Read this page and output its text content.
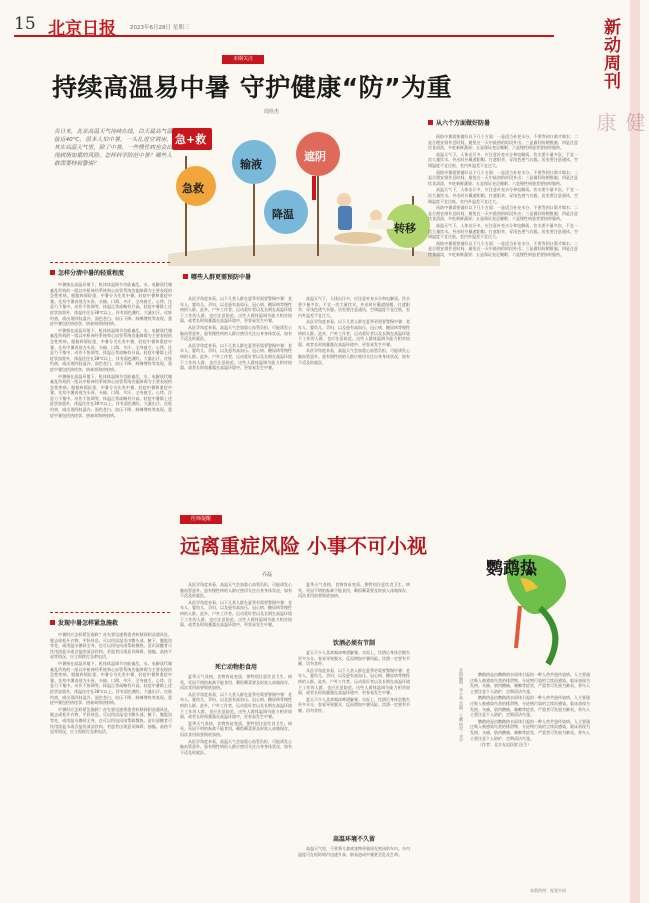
15 北京日报	2023年6月28日 星期三	新动周刊
健康
本期关注
持续高温易中暑 守护健康“防”为重
周佳杰
炎日来，北京高温天气持续在线，白天最高气温接近40℃。很多人怕中暑，一头扎进空调房，其实高温天气里，除了中暑，一些慢性病也会出现病情加重的风险。怎样科学防范中暑？哪些人群需要特别警惕？
急+救
急救
输液
遮阴
降温
转移
怎样分清中暑的轻重程度

中暑指在高温环境下，机体体温调节功能紊乱，水、电解质代谢紊乱所致的一组以中枢神经系统和心血管系统功能障碍为主要表现的急性疾病。根据病情轻重，中暑分为先兆中暑、轻症中暑和重症中暑。先兆中暑表现为头昏、头痛、口渴、多汗、全身疲乏、心悸、注意力不集中、动作不协调等，体温正常或略有升高。轻症中暑除上述症状加重外，体温往往在38℃以上，伴有面色潮红、大量出汗、皮肤灼热，或出现四肢湿冷、面色苍白、血压下降、脉搏增快等表现。重症中暑包括热痉挛、热衰竭和热射病。

中暑指在高温环境下，机体体温调节功能紊乱，水、电解质代谢紊乱所致的一组以中枢神经系统和心血管系统功能障碍为主要表现的急性疾病。根据病情轻重，中暑分为先兆中暑、轻症中暑和重症中暑。先兆中暑表现为头昏、头痛、口渴、多汗、全身疲乏、心悸、注意力不集中、动作不协调等，体温正常或略有升高。轻症中暑除上述症状加重外，体温往往在38℃以上，伴有面色潮红、大量出汗、皮肤灼热，或出现四肢湿冷、面色苍白、血压下降、脉搏增快等表现。重症中暑包括热痉挛、热衰竭和热射病。

中暑指在高温环境下，机体体温调节功能紊乱，水、电解质代谢紊乱所致的一组以中枢神经系统和心血管系统功能障碍为主要表现的急性疾病。根据病情轻重，中暑分为先兆中暑、轻症中暑和重症中暑。先兆中暑表现为头昏、头痛、口渴、多汗、全身疲乏、心悸、注意力不集中、动作不协调等，体温正常或略有升高。轻症中暑除上述症状加重外，体温往往在38℃以上，伴有面色潮红、大量出汗、皮肤灼热，或出现四肢湿冷、面色苍白、血压下降、脉搏增快等表现。重症中暑包括热痉挛、热衰竭和热射病。

发现中暑怎样紧急施救

中暑时应怎样紧急施救？首先要迅速将患者转移到阴凉通风处，脱去或松开衣物，平卧休息。可以用凉湿毛巾敷头部、腋下、腹股沟等处，或用温水擦拭全身，也可以用电风扇帮助散热。意识清醒者可饮用淡盐水或含盐的清凉饮料。若患者出现意识障碍、抽搐、高热不退等情况，应立即拨打急救电话。

中暑指在高温环境下，机体体温调节功能紊乱，水、电解质代谢紊乱所致的一组以中枢神经系统和心血管系统功能障碍为主要表现的急性疾病。根据病情轻重，中暑分为先兆中暑、轻症中暑和重症中暑。先兆中暑表现为头昏、头痛、口渴、多汗、全身疲乏、心悸、注意力不集中、动作不协调等，体温正常或略有升高。轻症中暑除上述症状加重外，体温往往在38℃以上，伴有面色潮红、大量出汗、皮肤灼热，或出现四肢湿冷、面色苍白、血压下降、脉搏增快等表现。重症中暑包括热痉挛、热衰竭和热射病。

中暑时应怎样紧急施救？首先要迅速将患者转移到阴凉通风处，脱去或松开衣物，平卧休息。可以用凉湿毛巾敷头部、腋下、腹股沟等处，或用温水擦拭全身，也可以用电风扇帮助散热。意识清醒者可饮用淡盐水或含盐的清凉饮料。若患者出现意识障碍、抽搐、高热不退等情况，应立即拨打急救电话。

哪些人群更需预防中暑

从医学角度来看，以下几类人群在夏季更需要警惕中暑：老年人、婴幼儿、孕妇，以及患有高血压、冠心病、糖尿病等慢性病的人群。此外，户外工作者、运动爱好者以及长期在高温环境下工作的人群，也应注意防范。这些人群体温调节能力相对较弱，或者长时间暴露在高温环境中，更容易发生中暑。

从医学角度来看，高温天气会加重心血管负担，可能诱发心脑血管意外。患有慢性病的人群应密切关注自身身体状况，如有不适及时就医。

从医学角度来看，以下几类人群在夏季更需要警惕中暑：老年人、婴幼儿、孕妇，以及患有高血压、冠心病、糖尿病等慢性病的人群。此外，户外工作者、运动爱好者以及长期在高温环境下工作的人群，也应注意防范。这些人群体温调节能力相对较弱，或者长时间暴露在高温环境中，更容易发生中暑。

高温天气下，人体出汗多，应注意补充水分和电解质。饮水要少量多次，不宜一次大量饮水。外出时应戴遮阳帽、打遮阳伞，穿浅色透气衣服。居室要注意通风，空调温度不宜过低，室内外温差不宜过大。

从医学角度来看，以下几类人群在夏季更需要警惕中暑：老年人、婴幼儿、孕妇，以及患有高血压、冠心病、糖尿病等慢性病的人群。此外，户外工作者、运动爱好者以及长期在高温环境下工作的人群，也应注意防范。这些人群体温调节能力相对较弱，或者长时间暴露在高温环境中，更容易发生中暑。

从医学角度来看，高温天气会加重心血管负担，可能诱发心脑血管意外。患有慢性病的人群应密切关注自身身体状况，如有不适及时就医。

从六个方面做好防暑

预防中暑需要做好以下几个方面：一是适当补充水分，不要等到口渴才喝水；二是合理安排作息时间，避免在一天中最热的时段外出；三是做好防晒措施；四是注意饮食清淡，多吃新鲜蔬果；五是保证充足睡眠；六是慢性病患者要按时服药。

高温天气下，人体出汗多，应注意补充水分和电解质。饮水要少量多次，不宜一次大量饮水。外出时应戴遮阳帽、打遮阳伞，穿浅色透气衣服。居室要注意通风，空调温度不宜过低，室内外温差不宜过大。

预防中暑需要做好以下几个方面：一是适当补充水分，不要等到口渴才喝水；二是合理安排作息时间，避免在一天中最热的时段外出；三是做好防晒措施；四是注意饮食清淡，多吃新鲜蔬果；五是保证充足睡眠；六是慢性病患者要按时服药。

高温天气下，人体出汗多，应注意补充水分和电解质。饮水要少量多次，不宜一次大量饮水。外出时应戴遮阳帽、打遮阳伞，穿浅色透气衣服。居室要注意通风，空调温度不宜过低，室内外温差不宜过大。

预防中暑需要做好以下几个方面：一是适当补充水分，不要等到口渴才喝水；二是合理安排作息时间，避免在一天中最热的时段外出；三是做好防晒措施；四是注意饮食清淡，多吃新鲜蔬果；五是保证充足睡眠；六是慢性病患者要按时服药。

高温天气下，人体出汗多，应注意补充水分和电解质。饮水要少量多次，不宜一次大量饮水。外出时应戴遮阳帽、打遮阳伞，穿浅色透气衣服。居室要注意通风，空调温度不宜过低，室内外温差不宜过大。

预防中暑需要做好以下几个方面：一是适当补充水分，不要等到口渴才喝水；二是合理安排作息时间，避免在一天中最热的时段外出；三是做好防晒措施；四是注意饮食清淡，多吃新鲜蔬果；五是保证充足睡眠；六是慢性病患者要按时服药。

鹦鹉热
医师提醒
远离重症风险 小事不可小视
乔磊

从医学角度来看，高温天气会加重心血管负担，可能诱发心脑血管意外。患有慢性病的人群应密切关注自身身体状况，如有不适及时就医。

从医学角度来看，以下几类人群在夏季更需要警惕中暑：老年人、婴幼儿、孕妇，以及患有高血压、冠心病、糖尿病等慢性病的人群。此外，户外工作者、运动爱好者以及长期在高温环境下工作的人群，也应注意防范。这些人群体温调节能力相对较弱，或者长时间暴露在高温环境中，更容易发生中暑。

死亡动物拒食用

夏季天气炎热，食物容易变质，要特别注意饮食卫生。病死、死因不明的畜禽不能食用，剩饭剩菜要及时放入冰箱保存，再次食用前要彻底加热。

从医学角度来看，以下几类人群在夏季更需要警惕中暑：老年人、婴幼儿、孕妇，以及患有高血压、冠心病、糖尿病等慢性病的人群。此外，户外工作者、运动爱好者以及长期在高温环境下工作的人群，也应注意防范。这些人群体温调节能力相对较弱，或者长时间暴露在高温环境中，更容易发生中暑。

夏季天气炎热，食物容易变质，要特别注意饮食卫生。病死、死因不明的畜禽不能食用，剩饭剩菜要及时放入冰箱保存，再次食用前要彻底加热。

从医学角度来看，高温天气会加重心血管负担，可能诱发心脑血管意外。患有慢性病的人群应密切关注自身身体状况，如有不适及时就医。

夏季天气炎热，食物容易变质，要特别注意饮食卫生。病死、死因不明的畜禽不能食用，剩饭剩菜要及时放入冰箱保存，再次食用前要彻底加热。

饮酒必须有节制

夏天不少人喜欢喝冰啤酒解暑。实际上，饮酒后身体会散失更多水分，容易导致脱水，反而增加中暑风险。饮酒一定要有节制，切勿贪杯。

从医学角度来看，以下几类人群在夏季更需要警惕中暑：老年人、婴幼儿、孕妇，以及患有高血压、冠心病、糖尿病等慢性病的人群。此外，户外工作者、运动爱好者以及长期在高温环境下工作的人群，也应注意防范。这些人群体温调节能力相对较弱，或者长时间暴露在高温环境中，更容易发生中暑。

夏天不少人喜欢喝冰啤酒解暑。实际上，饮酒后身体会散失更多水分，容易导致脱水，反而增加中暑风险。饮酒一定要有节制，切勿贪杯。

高温环境不久留

高温天气里，不要将儿童或宠物单独留在密闭的车内。车内温度可在短时间内迅速升高，极易造成中暑甚至危及生命。

鹦鹉热是由鹦鹉热衣原体引起的一种人兽共患传染病。人主要通过吸入被感染鸟类的排泄物、分泌物污染的尘埃而感染。临床表现为发热、头痛、肌肉酸痛、咳嗽等症状，严重者可发展为肺炎。养鸟人士要注意个人防护，定期清洁鸟笼。

鹦鹉热是由鹦鹉热衣原体引起的一种人兽共患传染病。人主要通过吸入被感染鸟类的排泄物、分泌物污染的尘埃而感染。临床表现为发热、头痛、肌肉酸痛、咳嗽等症状，严重者可发展为肺炎。养鸟人士要注意个人防护，定期清洁鸟笼。

鹦鹉热是由鹦鹉热衣原体引起的一种人兽共患传染病。人主要通过吸入被感染鸟类的排泄物、分泌物污染的尘埃而感染。临床表现为发热、头痛、肌肉酸痛、咳嗽等症状，严重者可发展为肺炎。养鸟人士要注意个人防护，定期清洁鸟笼。

（作者：北京友谊医院 医生）

本期编辑：李小萌 美编：王鹏 校对：刘宇
本版供图：视觉中国
